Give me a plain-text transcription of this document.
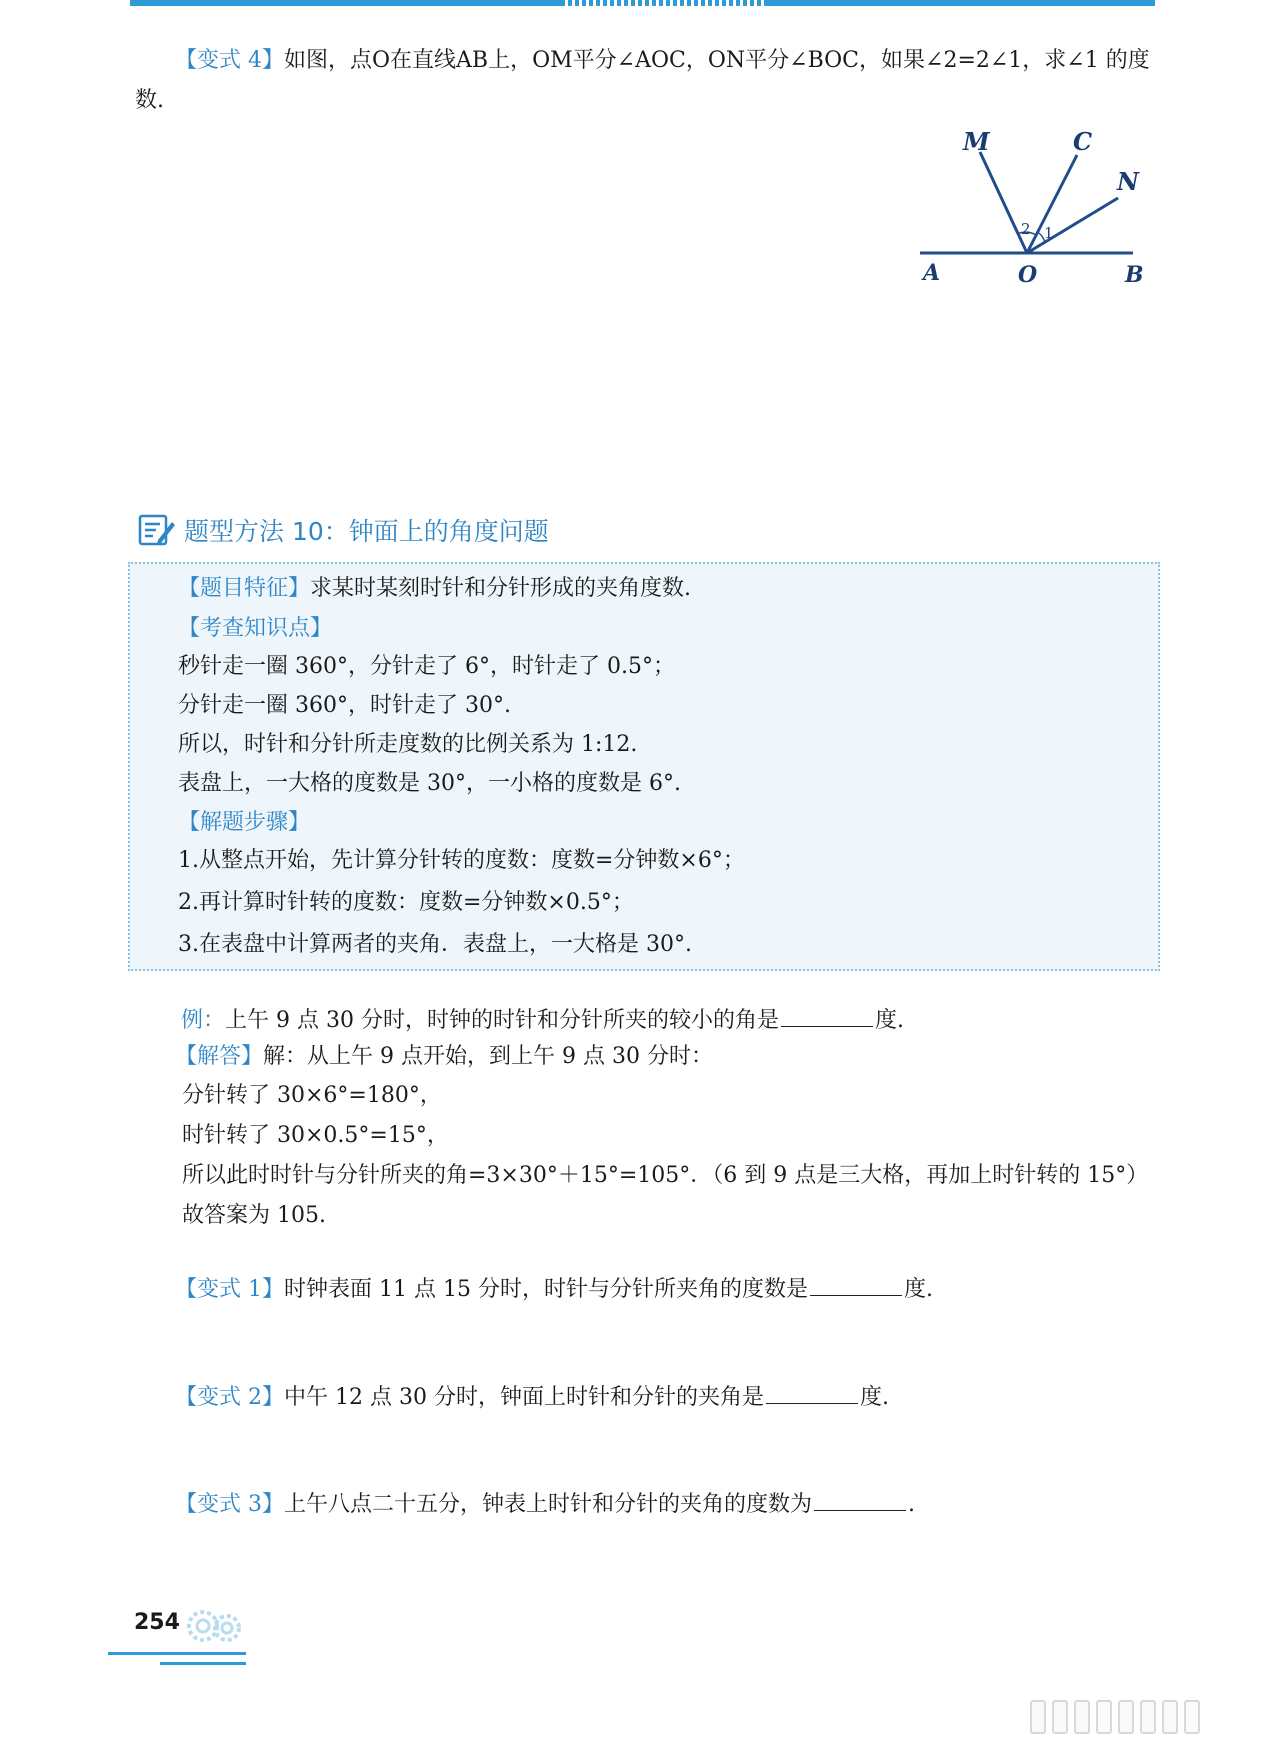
【变式 4】如图，点O在直线AB上，OM平分∠AOC，ON平分∠BOC，如果∠2=2∠1，求∠1 的度
数.
M	C
N
A	O	B
2 1
题型方法 10：钟面上的角度问题
【题目特征】求某时某刻时针和分针形成的夹角度数.
【考查知识点】
秒针走一圈 360°，分针走了 6°，时针走了 0.5°；
分针走一圈 360°，时针走了 30°.
所以，时针和分针所走度数的比例关系为 1:12.
表盘上，一大格的度数是 30°，一小格的度数是 6°.
【解题步骤】
1.从整点开始，先计算分针转的度数：度数=分钟数×6°；
2.再计算时针转的度数：度数=分钟数×0.5°；
3.在表盘中计算两者的夹角．表盘上，一大格是 30°.
例：上午 9 点 30 分时，时钟的时针和分针所夹的较小的角是	度.
【解答】解：从上午 9 点开始，到上午 9 点 30 分时：
分针转了 30×6°=180°，
时针转了 30×0.5°=15°，
所以此时时针与分针所夹的角=3×30°＋15°=105°．（6 到 9 点是三大格，再加上时针转的 15°）
故答案为 105.
【变式 1】时钟表面 11 点 15 分时，时针与分针所夹角的度数是	度.
【变式 2】中午 12 点 30 分时，钟面上时针和分针的夹角是	度.
【变式 3】上午八点二十五分，钟表上时针和分针的夹角的度数为	.
254
